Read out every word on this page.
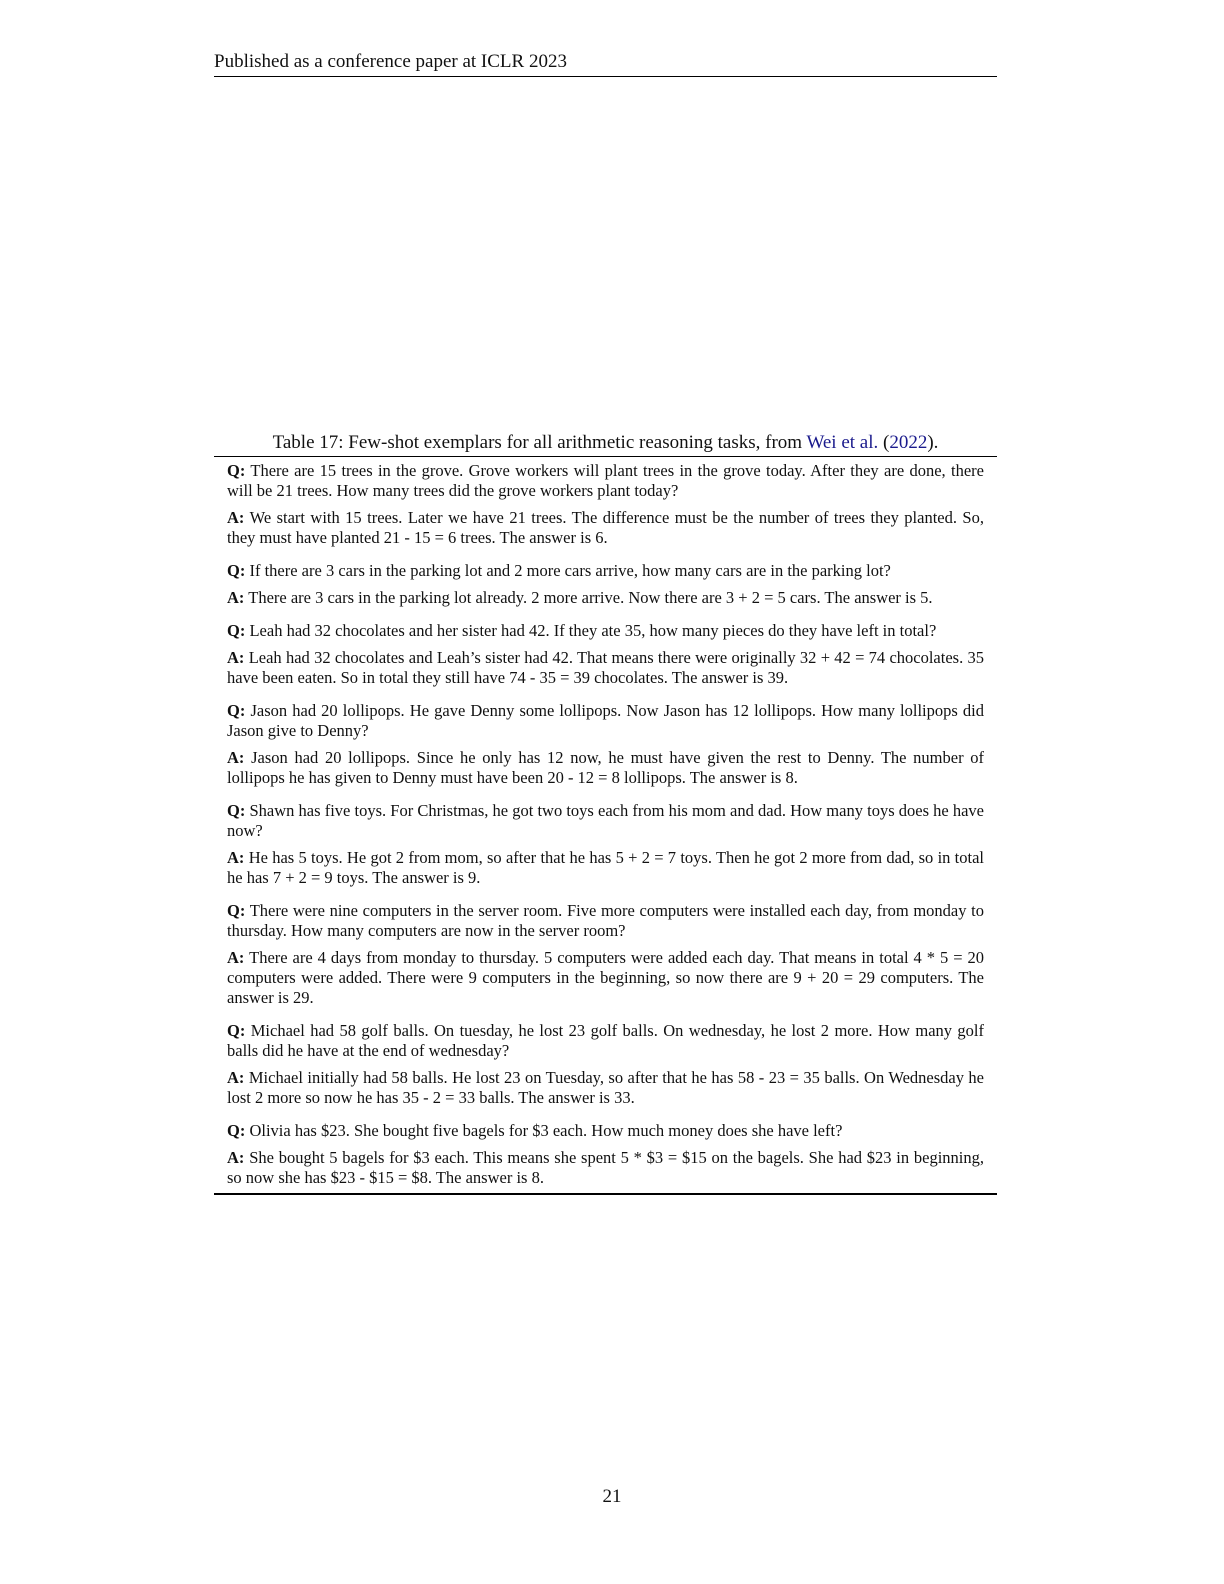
Published as a conference paper at ICLR 2023
Table 17: Few-shot exemplars for all arithmetic reasoning tasks, from Wei et al. (2022).
Q: There are 15 trees in the grove. Grove workers will plant trees in the grove today. After they are done, there will be 21 trees. How many trees did the grove workers plant today?
A: We start with 15 trees. Later we have 21 trees. The difference must be the number of trees they planted. So, they must have planted 21 - 15 = 6 trees. The answer is 6.
Q: If there are 3 cars in the parking lot and 2 more cars arrive, how many cars are in the parking lot?
A: There are 3 cars in the parking lot already. 2 more arrive. Now there are 3 + 2 = 5 cars. The answer is 5.
Q: Leah had 32 chocolates and her sister had 42. If they ate 35, how many pieces do they have left in total?
A: Leah had 32 chocolates and Leah’s sister had 42. That means there were originally 32 + 42 = 74 chocolates. 35 have been eaten. So in total they still have 74 - 35 = 39 chocolates. The answer is 39.
Q: Jason had 20 lollipops. He gave Denny some lollipops. Now Jason has 12 lollipops. How many lollipops did Jason give to Denny?
A: Jason had 20 lollipops. Since he only has 12 now, he must have given the rest to Denny. The number of lollipops he has given to Denny must have been 20 - 12 = 8 lollipops. The answer is 8.
Q: Shawn has five toys. For Christmas, he got two toys each from his mom and dad. How many toys does he have now?
A: He has 5 toys. He got 2 from mom, so after that he has 5 + 2 = 7 toys. Then he got 2 more from dad, so in total he has 7 + 2 = 9 toys. The answer is 9.
Q: There were nine computers in the server room. Five more computers were installed each day, from monday to thursday. How many computers are now in the server room?
A: There are 4 days from monday to thursday. 5 computers were added each day. That means in total 4 * 5 = 20 computers were added. There were 9 computers in the beginning, so now there are 9 + 20 = 29 computers. The answer is 29.
Q: Michael had 58 golf balls. On tuesday, he lost 23 golf balls. On wednesday, he lost 2 more. How many golf balls did he have at the end of wednesday?
A: Michael initially had 58 balls. He lost 23 on Tuesday, so after that he has 58 - 23 = 35 balls. On Wednesday he lost 2 more so now he has 35 - 2 = 33 balls. The answer is 33.
Q: Olivia has $23. She bought five bagels for $3 each. How much money does she have left?
A: She bought 5 bagels for $3 each. This means she spent 5 * $3 = $15 on the bagels. She had $23 in beginning, so now she has $23 - $15 = $8. The answer is 8.
21
